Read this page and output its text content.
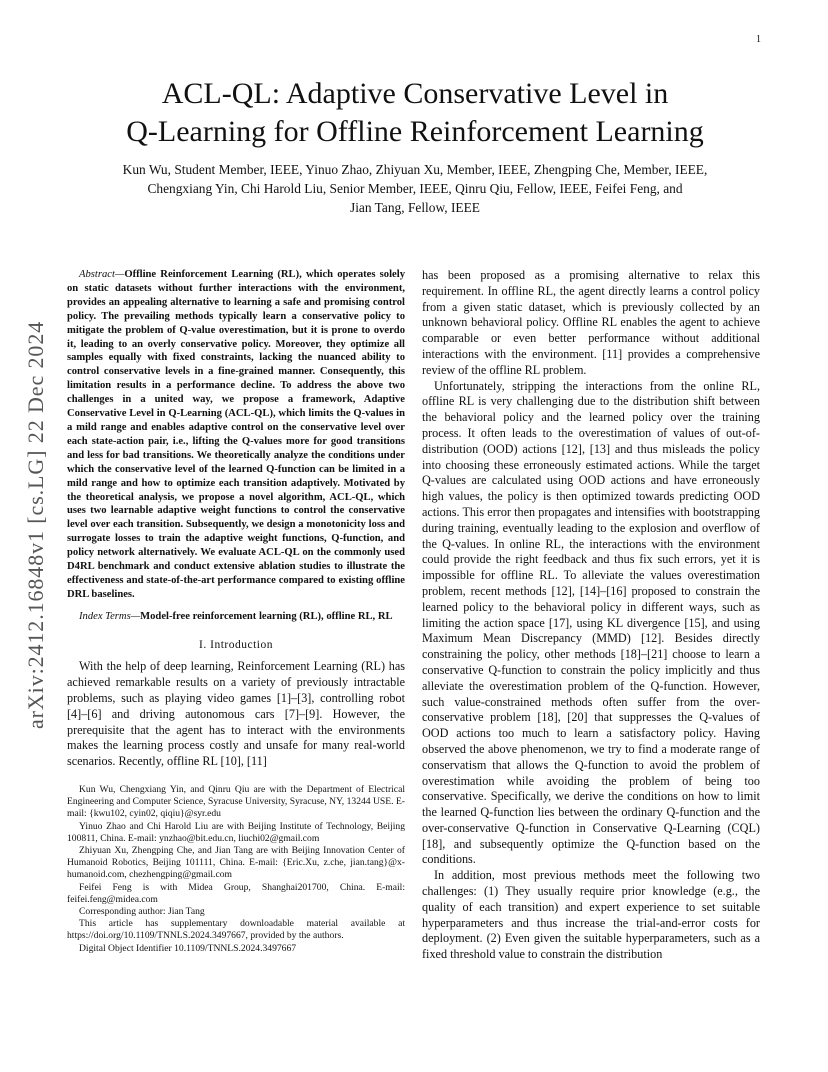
1
arXiv:2412.16848v1 [cs.LG] 22 Dec 2024
ACL-QL: Adaptive Conservative Level in
Q-Learning for Offline Reinforcement Learning

Kun Wu, Student Member, IEEE, Yinuo Zhao, Zhiyuan Xu, Member, IEEE, Zhengping Che, Member, IEEE,

Chengxiang Yin, Chi Harold Liu, Senior Member, IEEE, Qinru Qiu, Fellow, IEEE, Feifei Feng, and

Jian Tang, Fellow, IEEE

Abstract—Offline Reinforcement Learning (RL), which operates solely on static datasets without further interactions with the environment, provides an appealing alternative to learning a safe and promising control policy. The prevailing methods typically learn a conservative policy to mitigate the problem of Q-value overestimation, but it is prone to overdo it, leading to an overly conservative policy. Moreover, they optimize all samples equally with fixed constraints, lacking the nuanced ability to control conservative levels in a fine-grained manner. Consequently, this limitation results in a performance decline. To address the above two challenges in a united way, we propose a framework, Adaptive Conservative Level in Q-Learning (ACL-QL), which limits the Q-values in a mild range and enables adaptive control on the conservative level over each state-action pair, i.e., lifting the Q-values more for good transitions and less for bad transitions. We theoretically analyze the conditions under which the conservative level of the learned Q-function can be limited in a mild range and how to optimize each transition adaptively. Motivated by the theoretical analysis, we propose a novel algorithm, ACL-QL, which uses two learnable adaptive weight functions to control the conservative level over each transition. Subsequently, we design a monotonicity loss and surrogate losses to train the adaptive weight functions, Q-function, and policy network alternatively. We evaluate ACL-QL on the commonly used D4RL benchmark and conduct extensive ablation studies to illustrate the effectiveness and state-of-the-art performance compared to existing offline DRL baselines.

Index Terms—Model-free reinforcement learning (RL), offline RL, RL

I. Introduction

With the help of deep learning, Reinforcement Learning (RL) has achieved remarkable results on a variety of previously intractable problems, such as playing video games [1]–[3], controlling robot [4]–[6] and driving autonomous cars [7]–[9]. However, the prerequisite that the agent has to interact with the environments makes the learning process costly and unsafe for many real-world scenarios. Recently, offline RL [10], [11]

Kun Wu, Chengxiang Yin, and Qinru Qiu are with the Department of Electrical Engineering and Computer Science, Syracuse University, Syracuse, NY, 13244 USE. E-mail: {kwu102, cyin02, qiqiu}@syr.edu

Yinuo Zhao and Chi Harold Liu are with Beijing Institute of Technology, Beijing 100811, China. E-mail: ynzhao@bit.edu.cn, liuchi02@gmail.com

Zhiyuan Xu, Zhengping Che, and Jian Tang are with Beijing Innovation Center of Humanoid Robotics, Beijing 101111, China. E-mail: {Eric.Xu, z.che, jian.tang}@x-humanoid.com, chezhengping@gmail.com

Feifei Feng is with Midea Group, Shanghai201700, China. E-mail: feifei.feng@midea.com

Corresponding author: Jian Tang

This article has supplementary downloadable material available at https://doi.org/10.1109/TNNLS.2024.3497667, provided by the authors.

Digital Object Identifier 10.1109/TNNLS.2024.3497667

has been proposed as a promising alternative to relax this requirement. In offline RL, the agent directly learns a control policy from a given static dataset, which is previously collected by an unknown behavioral policy. Offline RL enables the agent to achieve comparable or even better performance without additional interactions with the environment. [11] provides a comprehensive review of the offline RL problem.

Unfortunately, stripping the interactions from the online RL, offline RL is very challenging due to the distribution shift between the behavioral policy and the learned policy over the training process. It often leads to the overestimation of values of out-of-distribution (OOD) actions [12], [13] and thus misleads the policy into choosing these erroneously estimated actions. While the target Q-values are calculated using OOD actions and have erroneously high values, the policy is then optimized towards predicting OOD actions. This error then propagates and intensifies with bootstrapping during training, eventually leading to the explosion and overflow of the Q-values. In online RL, the interactions with the environment could provide the right feedback and thus fix such errors, yet it is impossible for offline RL. To alleviate the values overestimation problem, recent methods [12], [14]–[16] proposed to constrain the learned policy to the behavioral policy in different ways, such as limiting the action space [17], using KL divergence [15], and using Maximum Mean Discrepancy (MMD) [12]. Besides directly constraining the policy, other methods [18]–[21] choose to learn a conservative Q-function to constrain the policy implicitly and thus alleviate the overestimation problem of the Q-function. However, such value-constrained methods often suffer from the over-conservative problem [18], [20] that suppresses the Q-values of OOD actions too much to learn a satisfactory policy. Having observed the above phenomenon, we try to find a moderate range of conservatism that allows the Q-function to avoid the problem of overestimation while avoiding the problem of being too conservative. Specifically, we derive the conditions on how to limit the learned Q-function lies between the ordinary Q-function and the over-conservative Q-function in Conservative Q-Learning (CQL) [18], and subsequently optimize the Q-function based on the conditions.

In addition, most previous methods meet the following two challenges: (1) They usually require prior knowledge (e.g., the quality of each transition) and expert experience to set suitable hyperparameters and thus increase the trial-and-error costs for deployment. (2) Even given the suitable hyperparameters, such as a fixed threshold value to constrain the distribution
